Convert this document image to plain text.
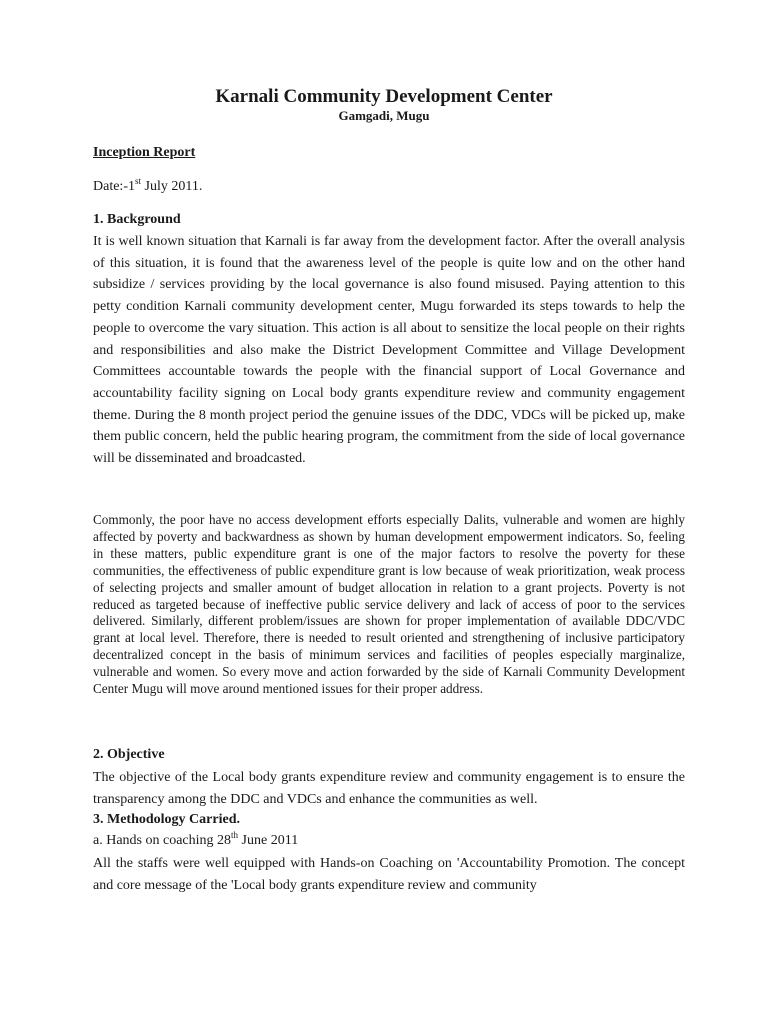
Karnali Community Development Center
Gamgadi, Mugu
Inception Report
Date:-1st July 2011.
1. Background

It is well known situation that Karnali is far away from the development factor. After the overall analysis of this situation, it is found that the awareness level of the people is quite low and on the other hand subsidize / services providing by the local governance is also found misused. Paying attention to this petty condition Karnali community development center, Mugu forwarded its steps towards to help the people to overcome the vary situation. This action is all about to sensitize the local people on their rights and responsibilities and also make the District Development Committee and Village Development Committees accountable towards the people with the financial support of Local Governance and accountability facility signing on Local body grants expenditure review and community engagement theme. During the 8 month project period the genuine issues of the DDC, VDCs will be picked up, make them public concern, held the public hearing program, the commitment from the side of local governance will be disseminated and broadcasted.

Commonly, the poor have no access development efforts especially Dalits, vulnerable and women are highly affected by poverty and backwardness as shown by human development empowerment indicators. So, feeling in these matters, public expenditure grant is one of the major factors to resolve the poverty for these communities, the effectiveness of public expenditure grant is low because of weak prioritization, weak process of selecting projects and smaller amount of budget allocation in relation to a grant projects. Poverty is not reduced as targeted because of ineffective public service delivery and lack of access of poor to the services delivered. Similarly, different problem/issues are shown for proper implementation of available DDC/VDC grant at local level. Therefore, there is needed to result oriented and strengthening of inclusive participatory decentralized concept in the basis of minimum services and facilities of peoples especially marginalize, vulnerable and women. So every move and action forwarded by the side of Karnali Community Development Center Mugu will move around mentioned issues for their proper address.

2. Objective

The objective of the Local body grants expenditure review and community engagement is to ensure the transparency among the DDC and VDCs and enhance the communities as well.

3. Methodology Carried.
a. Hands on coaching 28th June 2011

All the staffs were well equipped with Hands-on Coaching on 'Accountability Promotion. The concept and core message of the 'Local body grants expenditure review and community
